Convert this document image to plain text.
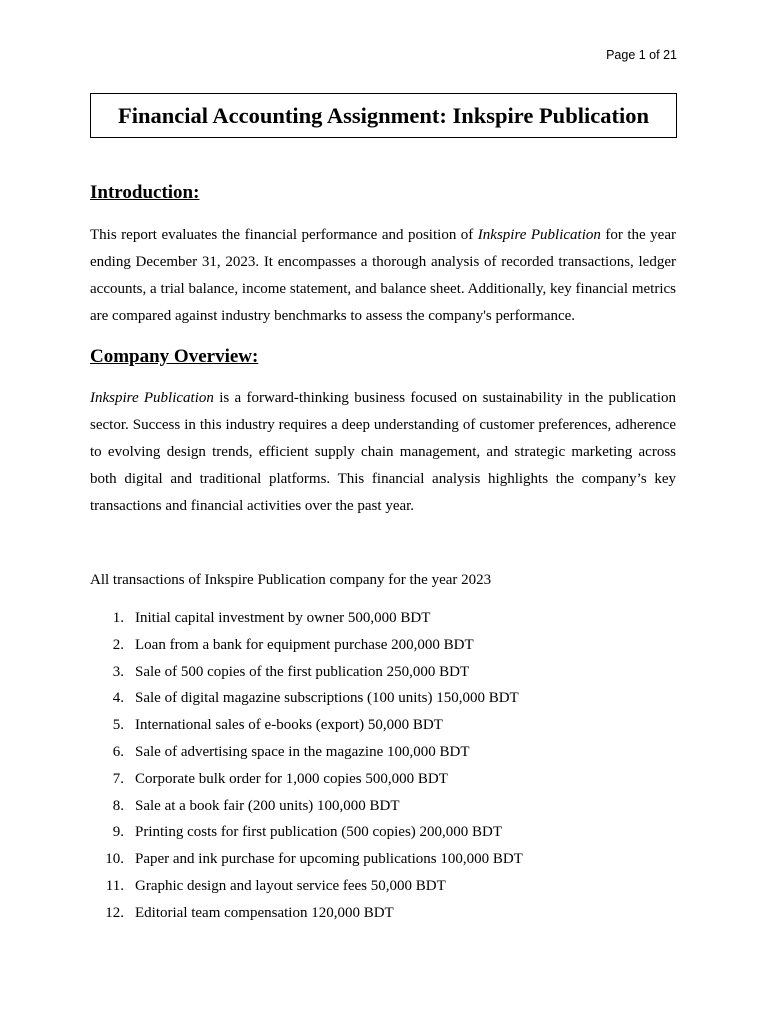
Page 1 of 21
Financial Accounting Assignment: Inkspire Publication
Introduction:

This report evaluates the financial performance and position of Inkspire Publication for the year ending December 31, 2023. It encompasses a thorough analysis of recorded transactions, ledger accounts, a trial balance, income statement, and balance sheet. Additionally, key financial metrics are compared against industry benchmarks to assess the company's performance.

Company Overview:

Inkspire Publication is a forward-thinking business focused on sustainability in the publication sector. Success in this industry requires a deep understanding of customer preferences, adherence to evolving design trends, efficient supply chain management, and strategic marketing across both digital and traditional platforms. This financial analysis highlights the company’s key transactions and financial activities over the past year.

All transactions of Inkspire Publication company for the year 2023

1. Initial capital investment by owner 500,000 BDT
2. Loan from a bank for equipment purchase 200,000 BDT
3. Sale of 500 copies of the first publication 250,000 BDT
4. Sale of digital magazine subscriptions (100 units) 150,000 BDT
5. International sales of e-books (export) 50,000 BDT
6. Sale of advertising space in the magazine 100,000 BDT
7. Corporate bulk order for 1,000 copies 500,000 BDT
8. Sale at a book fair (200 units) 100,000 BDT
9. Printing costs for first publication (500 copies) 200,000 BDT
10. Paper and ink purchase for upcoming publications 100,000 BDT
11. Graphic design and layout service fees 50,000 BDT
12. Editorial team compensation 120,000 BDT
